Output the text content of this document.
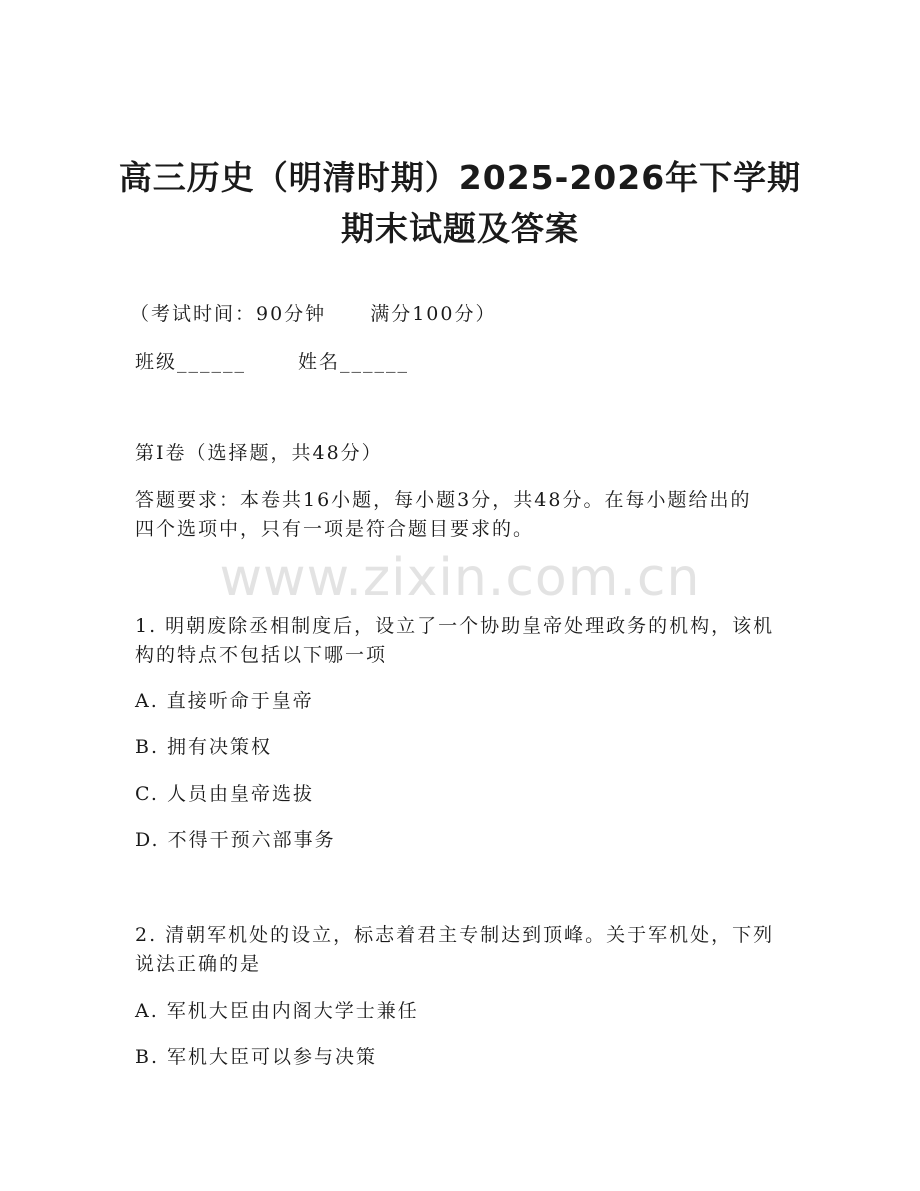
高三历史（明清时期）2025-2026年下学期
期末试题及答案
（考试时间：90分钟 满分100分）
班级______	姓名______
第Ⅰ卷（选择题，共48分）
答题要求：本卷共16小题，每小题3分，共48分。在每小题给出的
四个选项中，只有一项是符合题目要求的。
www.zixin.com.cn
1. 明朝废除丞相制度后，设立了一个协助皇帝处理政务的机构，该机
构的特点不包括以下哪一项
A. 直接听命于皇帝
B. 拥有决策权
C. 人员由皇帝选拔
D. 不得干预六部事务
2. 清朝军机处的设立，标志着君主专制达到顶峰。关于军机处，下列
说法正确的是
A. 军机大臣由内阁大学士兼任
B. 军机大臣可以参与决策
